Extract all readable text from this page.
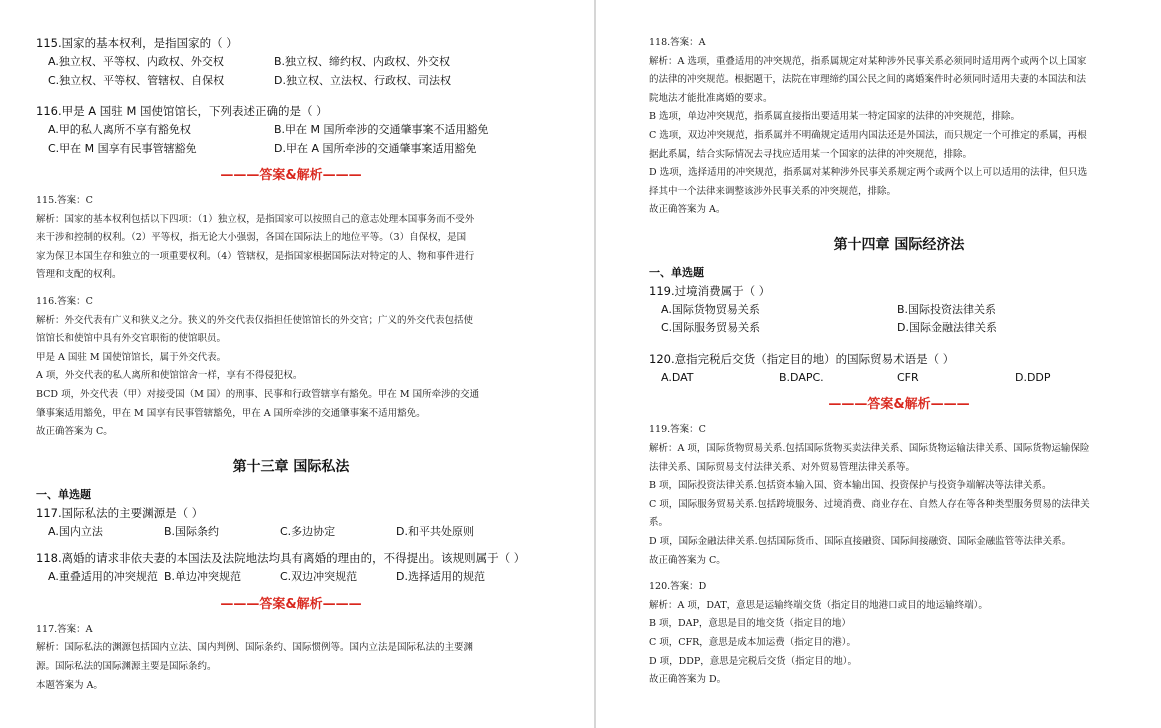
115.国家的基本权利，是指国家的（ ）
A.独立权、平等权、内政权、外交权	B.独立权、缔约权、内政权、外交权
C.独立权、平等权、管辖权、自保权	D.独立权、立法权、行政权、司法权
116.甲是 A 国驻 M 国使馆馆长，下列表述正确的是（ ）
A.甲的私人离所不享有豁免权	B.甲在 M 国所牵涉的交通肇事案不适用豁免
C.甲在 M 国享有民事管辖豁免	D.甲在 A 国所牵涉的交通肇事案适用豁免
———答案&解析———
115.答案：C
解析：国家的基本权利包括以下四项：（1）独立权，是指国家可以按照自己的意志处理本国事务而不受外
来干涉和控制的权利。（2）平等权，指无论大小强弱，各国在国际法上的地位平等。（3）自保权，是国
家为保卫本国生存和独立的一项重要权利。（4）管辖权，是指国家根据国际法对特定的人、物和事件进行
管理和支配的权利。
116.答案：C
解析：外交代表有广义和狭义之分。狭义的外交代表仅指担任使馆馆长的外交官；广义的外交代表包括使
馆馆长和使馆中具有外交官职衔的使馆职员。
甲是 A 国驻 M 国使馆馆长，属于外交代表。
A 项，外交代表的私人离所和使馆馆舍一样，享有不得侵犯权。
BCD 项，外交代表（甲）对接受国（M 国）的刑事、民事和行政管辖享有豁免。甲在 M 国所牵涉的交通
肇事案适用豁免，甲在 M 国享有民事管辖豁免，甲在 A 国所牵涉的交通肇事案不适用豁免。
故正确答案为 C。
第十三章 国际私法
一、单选题
117.国际私法的主要渊源是（ ）
A.国内立法	B.国际条约	C.多边协定	D.和平共处原则
118.离婚的请求非依夫妻的本国法及法院地法均具有离婚的理由的，不得提出。该规则属于（ ）
A.重叠适用的冲突规范 B.单边冲突规范	C.双边冲突规范	D.选择适用的规范
———答案&解析———
117.答案：A
解析：国际私法的渊源包括国内立法、国内判例、国际条约、国际惯例等。国内立法是国际私法的主要渊
源。国际私法的国际渊源主要是国际条约。
本题答案为 A。
118.答案：A
解析：A 选项，重叠适用的冲突规范，指系属规定对某种涉外民事关系必须同时适用两个或两个以上国家
的法律的冲突规范。根据题干，法院在审理缔约国公民之间的离婚案件时必须同时适用夫妻的本国法和法
院地法才能批准离婚的要求。
B 选项，单边冲突规范，指系属直接指出要适用某一特定国家的法律的冲突规范，排除。
C 选项，双边冲突规范，指系属并不明确规定适用内国法还是外国法，而只规定一个可推定的系属，再根
据此系属，结合实际情况去寻找应适用某一个国家的法律的冲突规范，排除。
D 选项，选择适用的冲突规范，指系属对某种涉外民事关系规定两个或两个以上可以适用的法律，但只选
择其中一个法律来调整该涉外民事关系的冲突规范，排除。
故正确答案为 A。
第十四章 国际经济法
一、单选题
119.过境消费属于（ ）
A.国际货物贸易关系	B.国际投资法律关系
C.国际服务贸易关系	D.国际金融法律关系
120.意指完税后交货（指定目的地）的国际贸易术语是（ ）
A.DAT	B.DAPC.	CFR	D.DDP
———答案&解析———
119.答案：C
解析：A 项，国际货物贸易关系.包括国际货物买卖法律关系、国际货物运输法律关系、国际货物运输保险
法律关系、国际贸易支付法律关系、对外贸易管理法律关系等。
B 项，国际投资法律关系.包括资本输入国、资本输出国、投资保护与投资争端解决等法律关系。
C 项，国际服务贸易关系.包括跨境服务、过境消费、商业存在、自然人存在等各种类型服务贸易的法律关
系。
D 项，国际金融法律关系.包括国际货币、国际直接融资、国际间接融资、国际金融监管等法律关系。
故正确答案为 C。
120.答案：D
解析：A 项，DAT，意思是运输终端交货（指定目的地港口或目的地运输终端）。
B 项，DAP，意思是目的地交货（指定目的地）
C 项，CFR，意思是成本加运费（指定目的港）。
D 项，DDP，意思是完税后交货（指定目的地）。
故正确答案为 D。
